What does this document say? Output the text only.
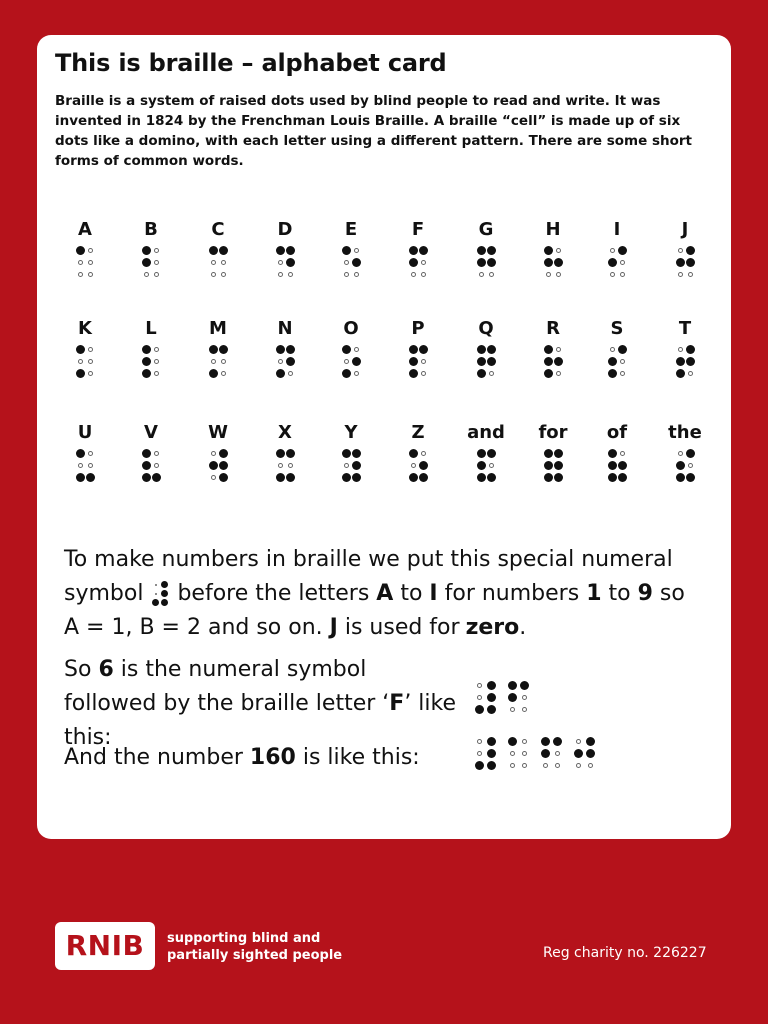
This is braille – alphabet card
Braille is a system of raised dots used by blind people to read and write. It was invented in 1824 by the Frenchman Louis Braille. A braille “cell” is made up of six dots like a domino, with each letter using a different pattern. There are some short forms of common words.
A	B	C	D	E	F	G	H	I	J
K	L	M	N	O	P	Q	R	S	T
U	V	W	X	Y	Z	and	for	of	the
To make numbers in braille we put this special numeral symbol before the letters A to I for numbers 1 to 9 so A = 1, B = 2 and so on. J is used for zero.
So 6 is the numeral symbol followed by the braille letter ‘F’ like this:
And the number 160 is like this:
RNIB	supporting blind and
partially sighted people	Reg charity no. 226227
